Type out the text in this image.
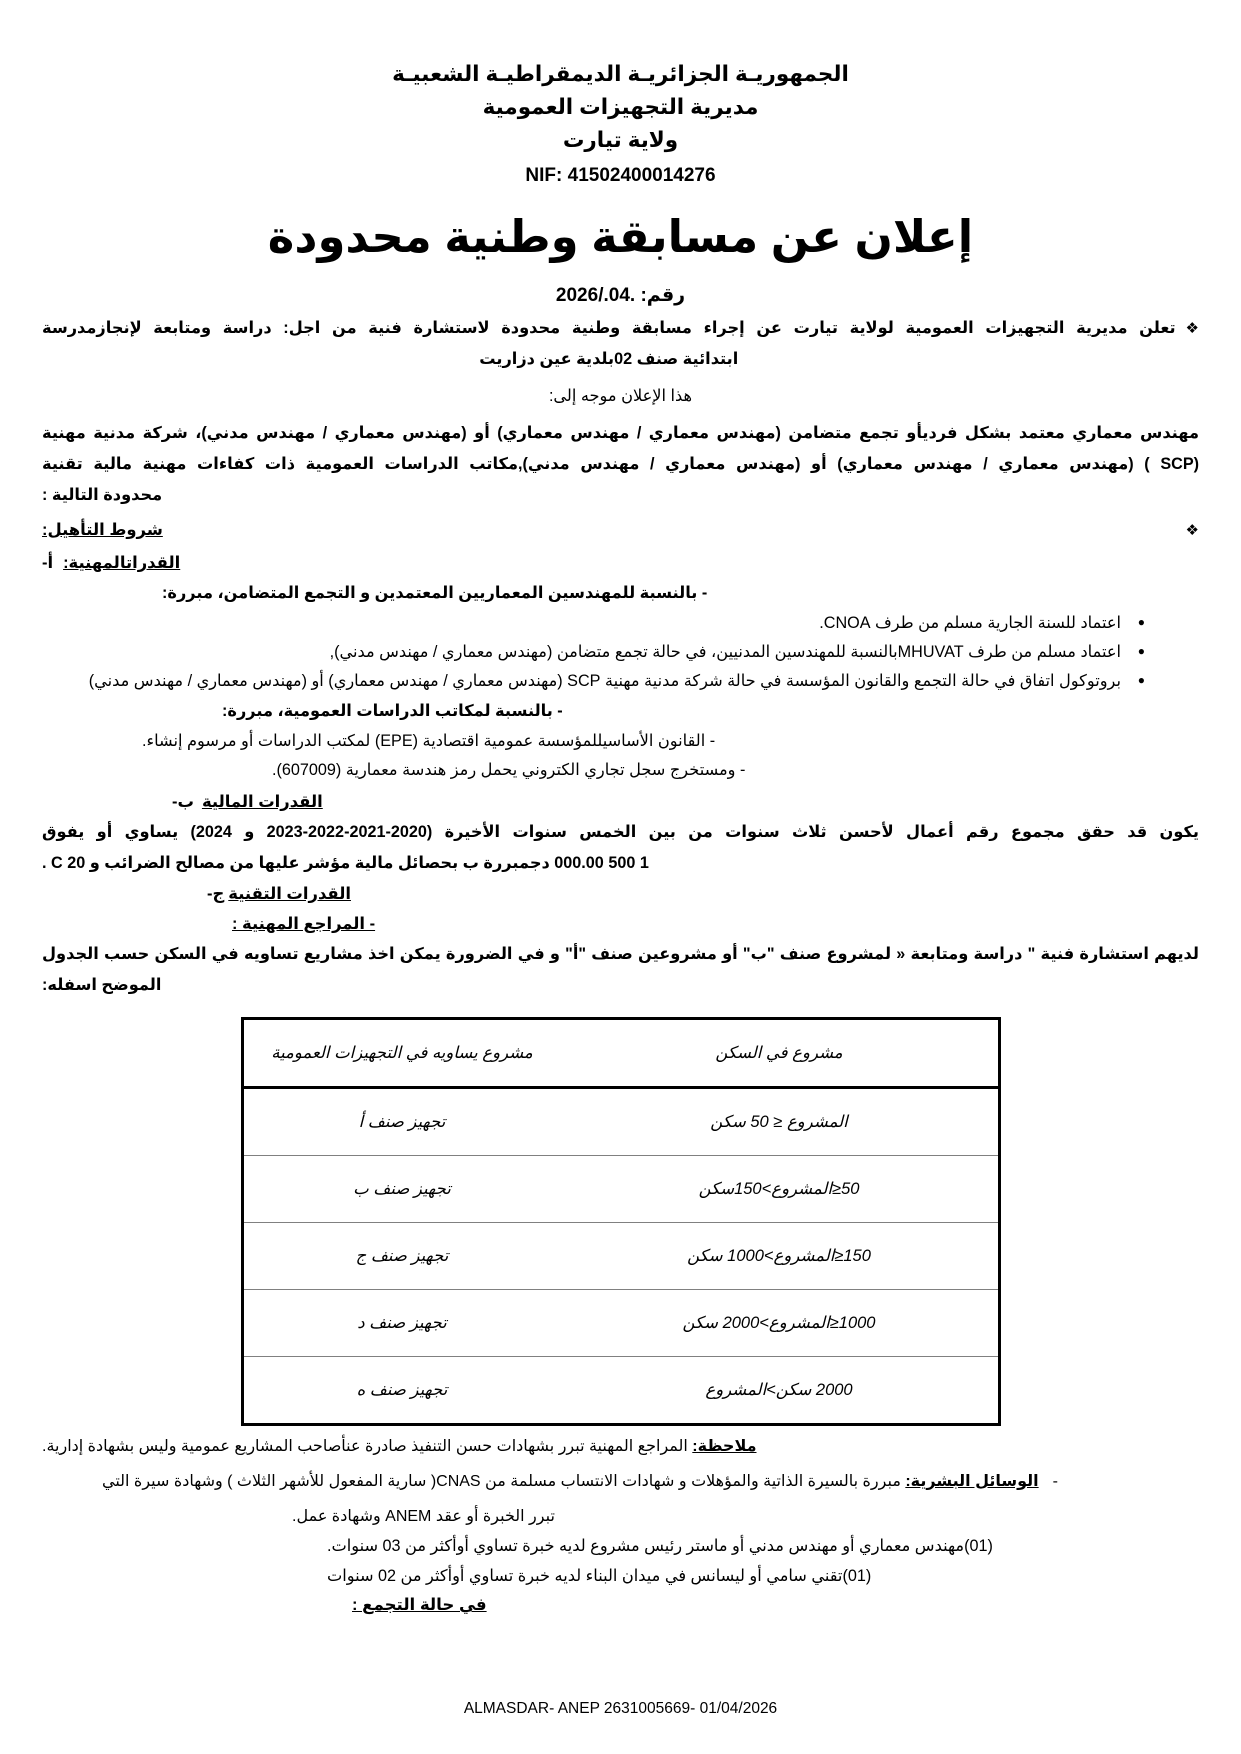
الجمهوريـة الجزائريـة الديمقراطيـة الشعبيـة
مديرية التجهيزات العمومية
ولاية تيارت
NIF: 41502400014276
إعلان عن مسابقة وطنية محدودة
رقم: .04./2026
❖
تعلن مديرية التجهيزات العمومية لولاية تيارت عن إجراء مسابقة وطنية محدودة لاستشارة فنية من اجل: دراسة ومتابعة لإنجازمدرسة
ابتدائية صنف 02بلدية عين دزاريت
هذا الإعلان موجه إلى:
مهندس معماري معتمد بشكل فرديأو تجمع متضامن (مهندس معماري / مهندس معماري) أو (مهندس معماري / مهندس مدني)، شركة مدنية مهنية
(SCP ) (مهندس معماري / مهندس معماري) أو (مهندس معماري / مهندس مدني),مكاتب الدراسات العمومية ذات كفاءات مهنية مالية تقنية
محدودة التالية :
❖
شروط التأهيل:
القدراتالمهنية:
أ-
- بالنسبة للمهندسين المعماريين المعتمدين و التجمع المتضامن، مبررة:
● اعتماد للسنة الجارية مسلم من طرف CNOA.
● اعتماد مسلم من طرف MHUVATبالنسبة للمهندسين المدنيين، في حالة تجمع متضامن (مهندس معماري / مهندس مدني),
● بروتوكول اتفاق في حالة التجمع والقانون المؤسسة في حالة شركة مدنية مهنية SCP (مهندس معماري / مهندس معماري) أو (مهندس معماري / مهندس مدني)
- بالنسبة لمكاتب الدراسات العمومية، مبررة:
- القانون الأساسيللمؤسسة عمومية اقتصادية (EPE) لمكتب الدراسات أو مرسوم إنشاء.
- ومستخرج سجل تجاري الكتروني يحمل رمز هندسة معمارية (607009).
القدرات المالية
ب-
يكون قد حقق مجموع رقم أعمال لأحسن ثلاث سنوات من بين الخمس سنوات الأخيرة (2020-2021-2022-2023 و 2024) يساوي أو يفوق
1 500 000.00 دجمبررة ب بحصائل مالية مؤشر عليها من مصالح الضرائب و 20 C .
القدرات التقنية
ج-
- المراجع المهنية :
لديهم استشارة فنية " دراسة ومتابعة « لمشروع صنف "ب" أو مشروعين صنف "أ" و في الضرورة يمكن اخذ مشاريع تساويه في السكن حسب الجدول
الموضح اسفله:
مشروع في السكن	مشروع يساويه في التجهيزات العمومية
المشروع ≤ 50 سكن	تجهيز صنف أ
50≤المشروع>150سكن	تجهيز صنف ب
150≤المشروع>1000 سكن	تجهيز صنف ج
1000≤المشروع>2000 سكن	تجهيز صنف د
2000 سكن>المشروع	تجهيز صنف ه
ملاحظة: المراجع المهنية تبرر بشهادات حسن التنفيذ صادرة عنأصاحب المشاريع عمومية وليس بشهادة إدارية.
-الوسائل البشرية: مبررة بالسيرة الذاتية والمؤهلات و شهادات الانتساب مسلمة من CNAS( سارية المفعول للأشهر الثلاث ) وشهادة سيرة التي
تبرر الخبرة أو عقد ANEM وشهادة عمل.
(01)مهندس معماري أو مهندس مدني أو ماستر رئيس مشروع لديه خبرة تساوي أوأكثر من 03 سنوات.
(01)تقني سامي أو ليسانس في ميدان البناء لديه خبرة تساوي أوأكثر من 02 سنوات
في حالة التجمع :
ALMASDAR- ANEP 2631005669- 01/04/2026
